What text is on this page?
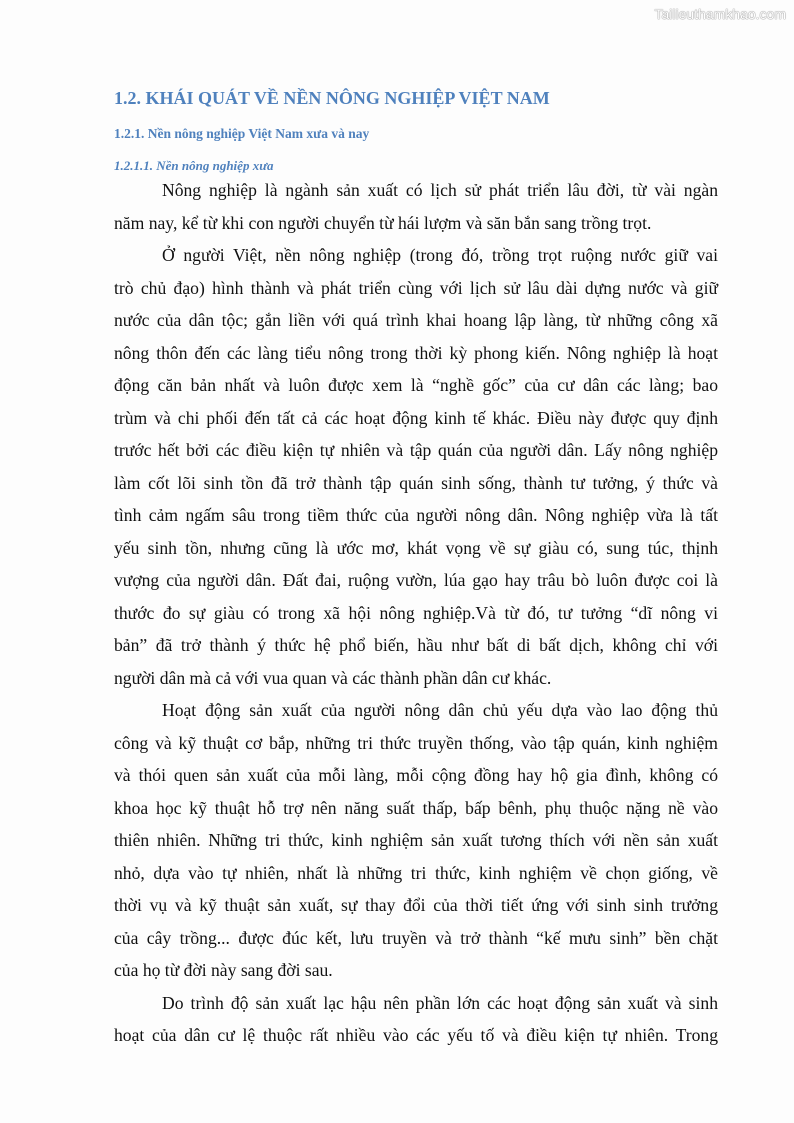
Tailieuthamkhao.com
1.2. KHÁI QUÁT VỀ NỀN NÔNG NGHIỆP VIỆT NAM
1.2.1. Nền nông nghiệp Việt Nam xưa và nay
1.2.1.1. Nền nông nghiệp xưa
Nông nghiệp là ngành sản xuất có lịch sử phát triển lâu đời, từ vài ngàn
năm nay, kể từ khi con người chuyển từ hái lượm và săn bắn sang trồng trọt.
Ở người Việt, nền nông nghiệp (trong đó, trồng trọt ruộng nước giữ vai
trò chủ đạo) hình thành và phát triển cùng với lịch sử lâu dài dựng nước và giữ
nước của dân tộc; gắn liền với quá trình khai hoang lập làng, từ những công xã
nông thôn đến các làng tiểu nông trong thời kỳ phong kiến. Nông nghiệp là hoạt
động căn bản nhất và luôn được xem là “nghề gốc” của cư dân các làng; bao
trùm và chi phối đến tất cả các hoạt động kinh tế khác. Điều này được quy định
trước hết bởi các điều kiện tự nhiên và tập quán của người dân. Lấy nông nghiệp
làm cốt lõi sinh tồn đã trở thành tập quán sinh sống, thành tư tưởng, ý thức và
tình cảm ngấm sâu trong tiềm thức của người nông dân. Nông nghiệp vừa là tất
yếu sinh tồn, nhưng cũng là ước mơ, khát vọng về sự giàu có, sung túc, thịnh
vượng của người dân. Đất đai, ruộng vườn, lúa gạo hay trâu bò luôn được coi là
thước đo sự giàu có trong xã hội nông nghiệp.Và từ đó, tư tưởng “dĩ nông vi
bản” đã trở thành ý thức hệ phổ biến, hầu như bất di bất dịch, không chỉ với
người dân mà cả với vua quan và các thành phần dân cư khác.
Hoạt động sản xuất của người nông dân chủ yếu dựa vào lao động thủ
công và kỹ thuật cơ bắp, những tri thức truyền thống, vào tập quán, kinh nghiệm
và thói quen sản xuất của mỗi làng, mỗi cộng đồng hay hộ gia đình, không có
khoa học kỹ thuật hỗ trợ nên năng suất thấp, bấp bênh, phụ thuộc nặng nề vào
thiên nhiên. Những tri thức, kinh nghiệm sản xuất tương thích với nền sản xuất
nhỏ, dựa vào tự nhiên, nhất là những tri thức, kinh nghiệm về chọn giống, về
thời vụ và kỹ thuật sản xuất, sự thay đổi của thời tiết ứng với sinh sinh trưởng
của cây trồng... được đúc kết, lưu truyền và trở thành “kế mưu sinh” bền chặt
của họ từ đời này sang đời sau.
Do trình độ sản xuất lạc hậu nên phần lớn các hoạt động sản xuất và sinh
hoạt của dân cư lệ thuộc rất nhiều vào các yếu tố và điều kiện tự nhiên. Trong
